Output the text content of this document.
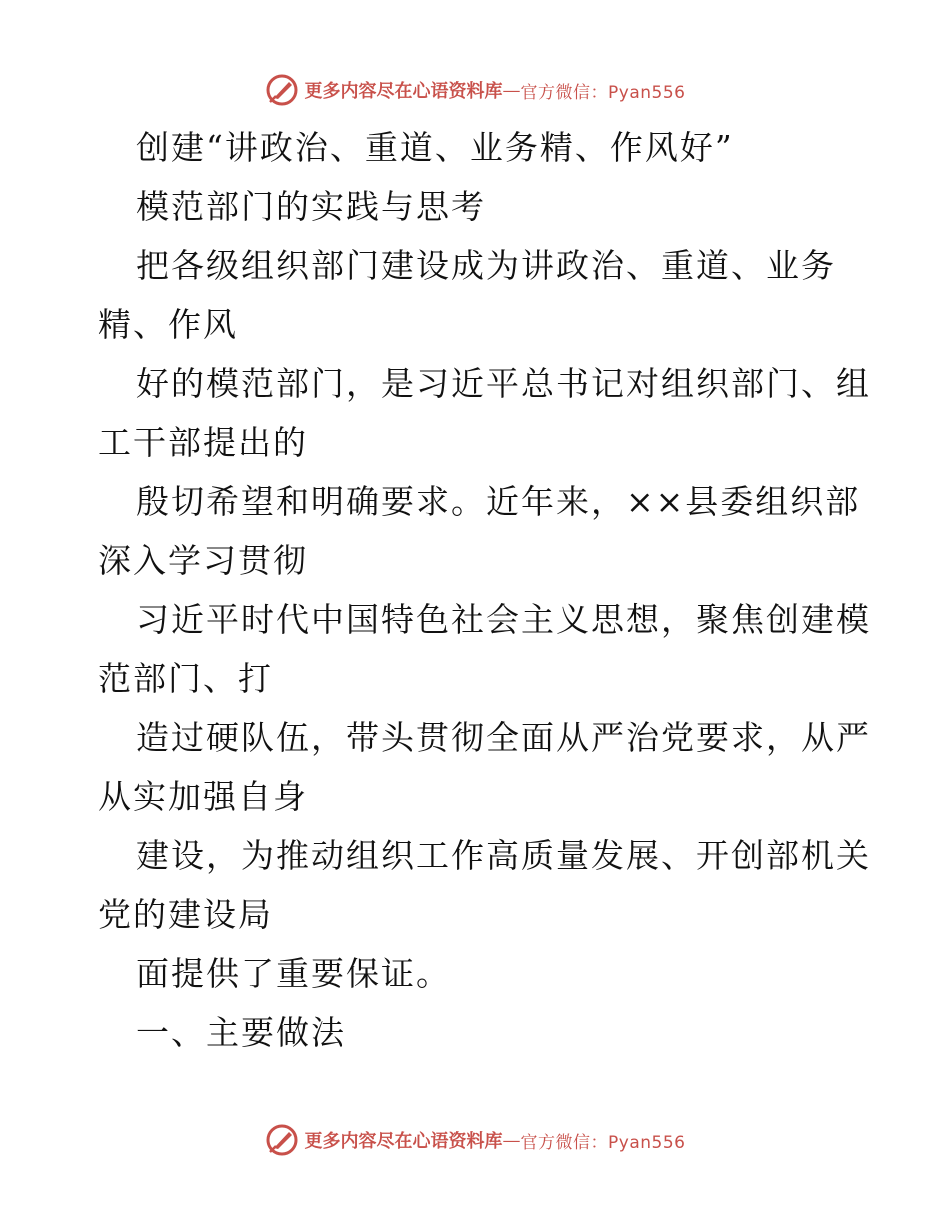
更多内容尽在心语资料库 — 官方微信：Pyan556

创建“讲政治、重道、业务精、作风好”

模范部门的实践与思考

把各级组织部门建设成为讲政治、重道、业务

精、作风

好的模范部门，是习近平总书记对组织部门、组

工干部提出的

殷切希望和明确要求。近年来，××县委组织部

深入学习贯彻

习近平时代中国特色社会主义思想，聚焦创建模

范部门、打

造过硬队伍，带头贯彻全面从严治党要求，从严

从实加强自身

建设，为推动组织工作高质量发展、开创部机关

党的建设局

面提供了重要保证。

一、主要做法

更多内容尽在心语资料库 — 官方微信：Pyan556
